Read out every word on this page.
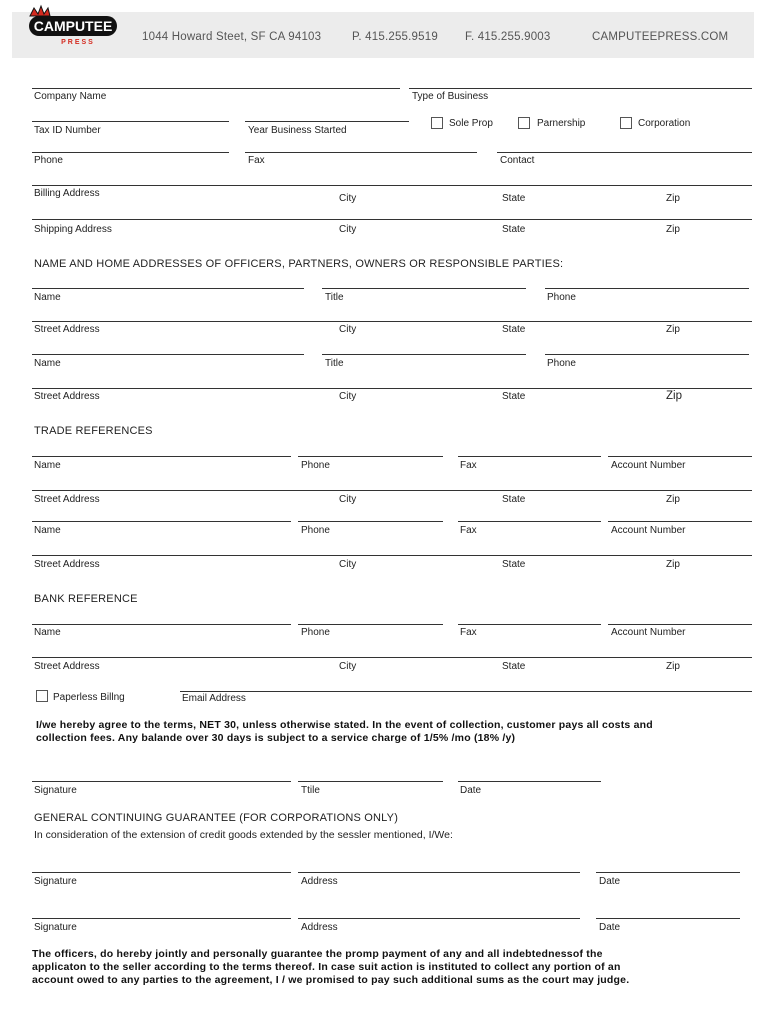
CAMPUTEE
PRESS	1044 Howard Steet, SF CA 94103	P. 415.255.9519 F. 415.255.9003	CAMPUTEEPRESS.COM
Company Name	Type of Business
Tax ID Number	Year Business Started
Sole Prop	Parnership	Corporation
Phone	Fax	Contact
Billing Address	City	State	Zip
Shipping Address	City	State	Zip
NAME AND HOME ADDRESSES OF OFFICERS, PARTNERS, OWNERS OR RESPONSIBLE PARTIES:
Name	Title	Phone
Street Address	City	State	Zip
Name	Title	Phone
Street Address	City	State	Zip
TRADE REFERENCES
Name	Phone	Fax	Account Number
Street Address	City	State	Zip
Name	Phone	Fax	Account Number
Street Address	City	State	Zip
BANK REFERENCE
Name	Phone	Fax	Account Number
Street Address	City	State	Zip
Paperless Billng	Email Address
I/we hereby agree to the terms, NET 30, unless otherwise stated. In the event of collection, customer pays all costs and
collection fees. Any balande over 30 days is subject to a service charge of 1/5% /mo (18% /y)
Signature	Ttile	Date
GENERAL CONTINUING GUARANTEE (FOR CORPORATIONS ONLY)
In consideration of the extension of credit goods extended by the sessler mentioned, I/We:
Signature	Address	Date
Signature	Address	Date
The officers, do hereby jointly and personally guarantee the promp payment of any and all indebtednessof the
applicaton to the seller according to the terms thereof. In case suit action is instituted to collect any portion of an
account owed to any parties to the agreement, I / we promised to pay such additional sums as the court may judge.
